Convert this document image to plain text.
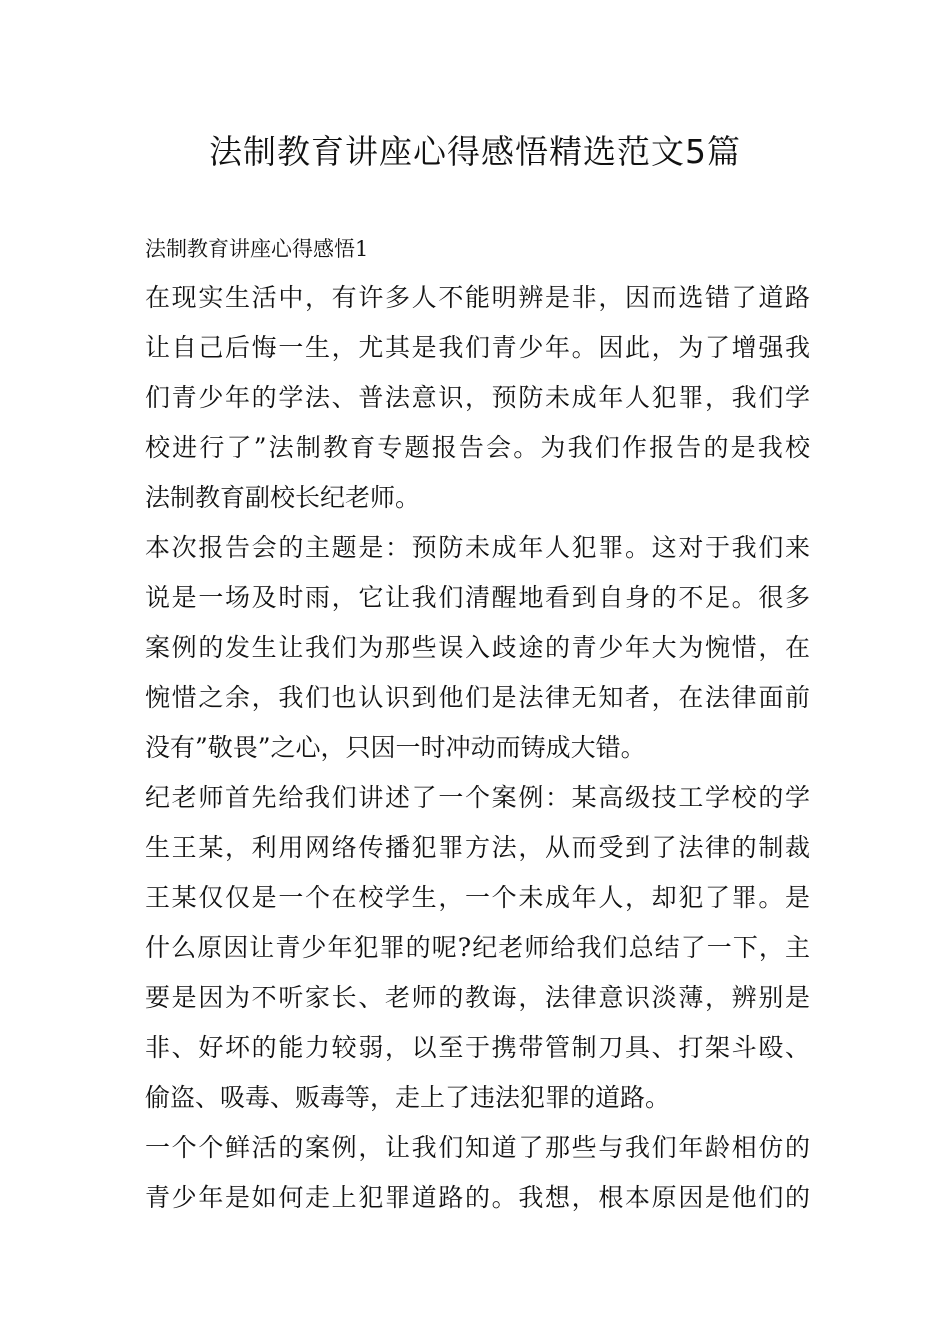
法制教育讲座心得感悟精选范文5篇
法制教育讲座心得感悟1
在现实生活中，有许多人不能明辨是非，因而选错了道路
让自己后悔一生，尤其是我们青少年。因此，为了增强我
们青少年的学法、普法意识，预防未成年人犯罪，我们学
校进行了”法制教育专题报告会。为我们作报告的是我校
法制教育副校长纪老师。
本次报告会的主题是：预防未成年人犯罪。这对于我们来
说是一场及时雨，它让我们清醒地看到自身的不足。很多
案例的发生让我们为那些误入歧途的青少年大为惋惜，在
惋惜之余，我们也认识到他们是法律无知者，在法律面前
没有”敬畏”之心，只因一时冲动而铸成大错。
纪老师首先给我们讲述了一个案例：某高级技工学校的学
生王某，利用网络传播犯罪方法，从而受到了法律的制裁
王某仅仅是一个在校学生，一个未成年人，却犯了罪。是
什么原因让青少年犯罪的呢?纪老师给我们总结了一下，主
要是因为不听家长、老师的教诲，法律意识淡薄，辨别是
非、好坏的能力较弱，以至于携带管制刀具、打架斗殴、
偷盗、吸毒、贩毒等，走上了违法犯罪的道路。
一个个鲜活的案例，让我们知道了那些与我们年龄相仿的
青少年是如何走上犯罪道路的。我想，根本原因是他们的
